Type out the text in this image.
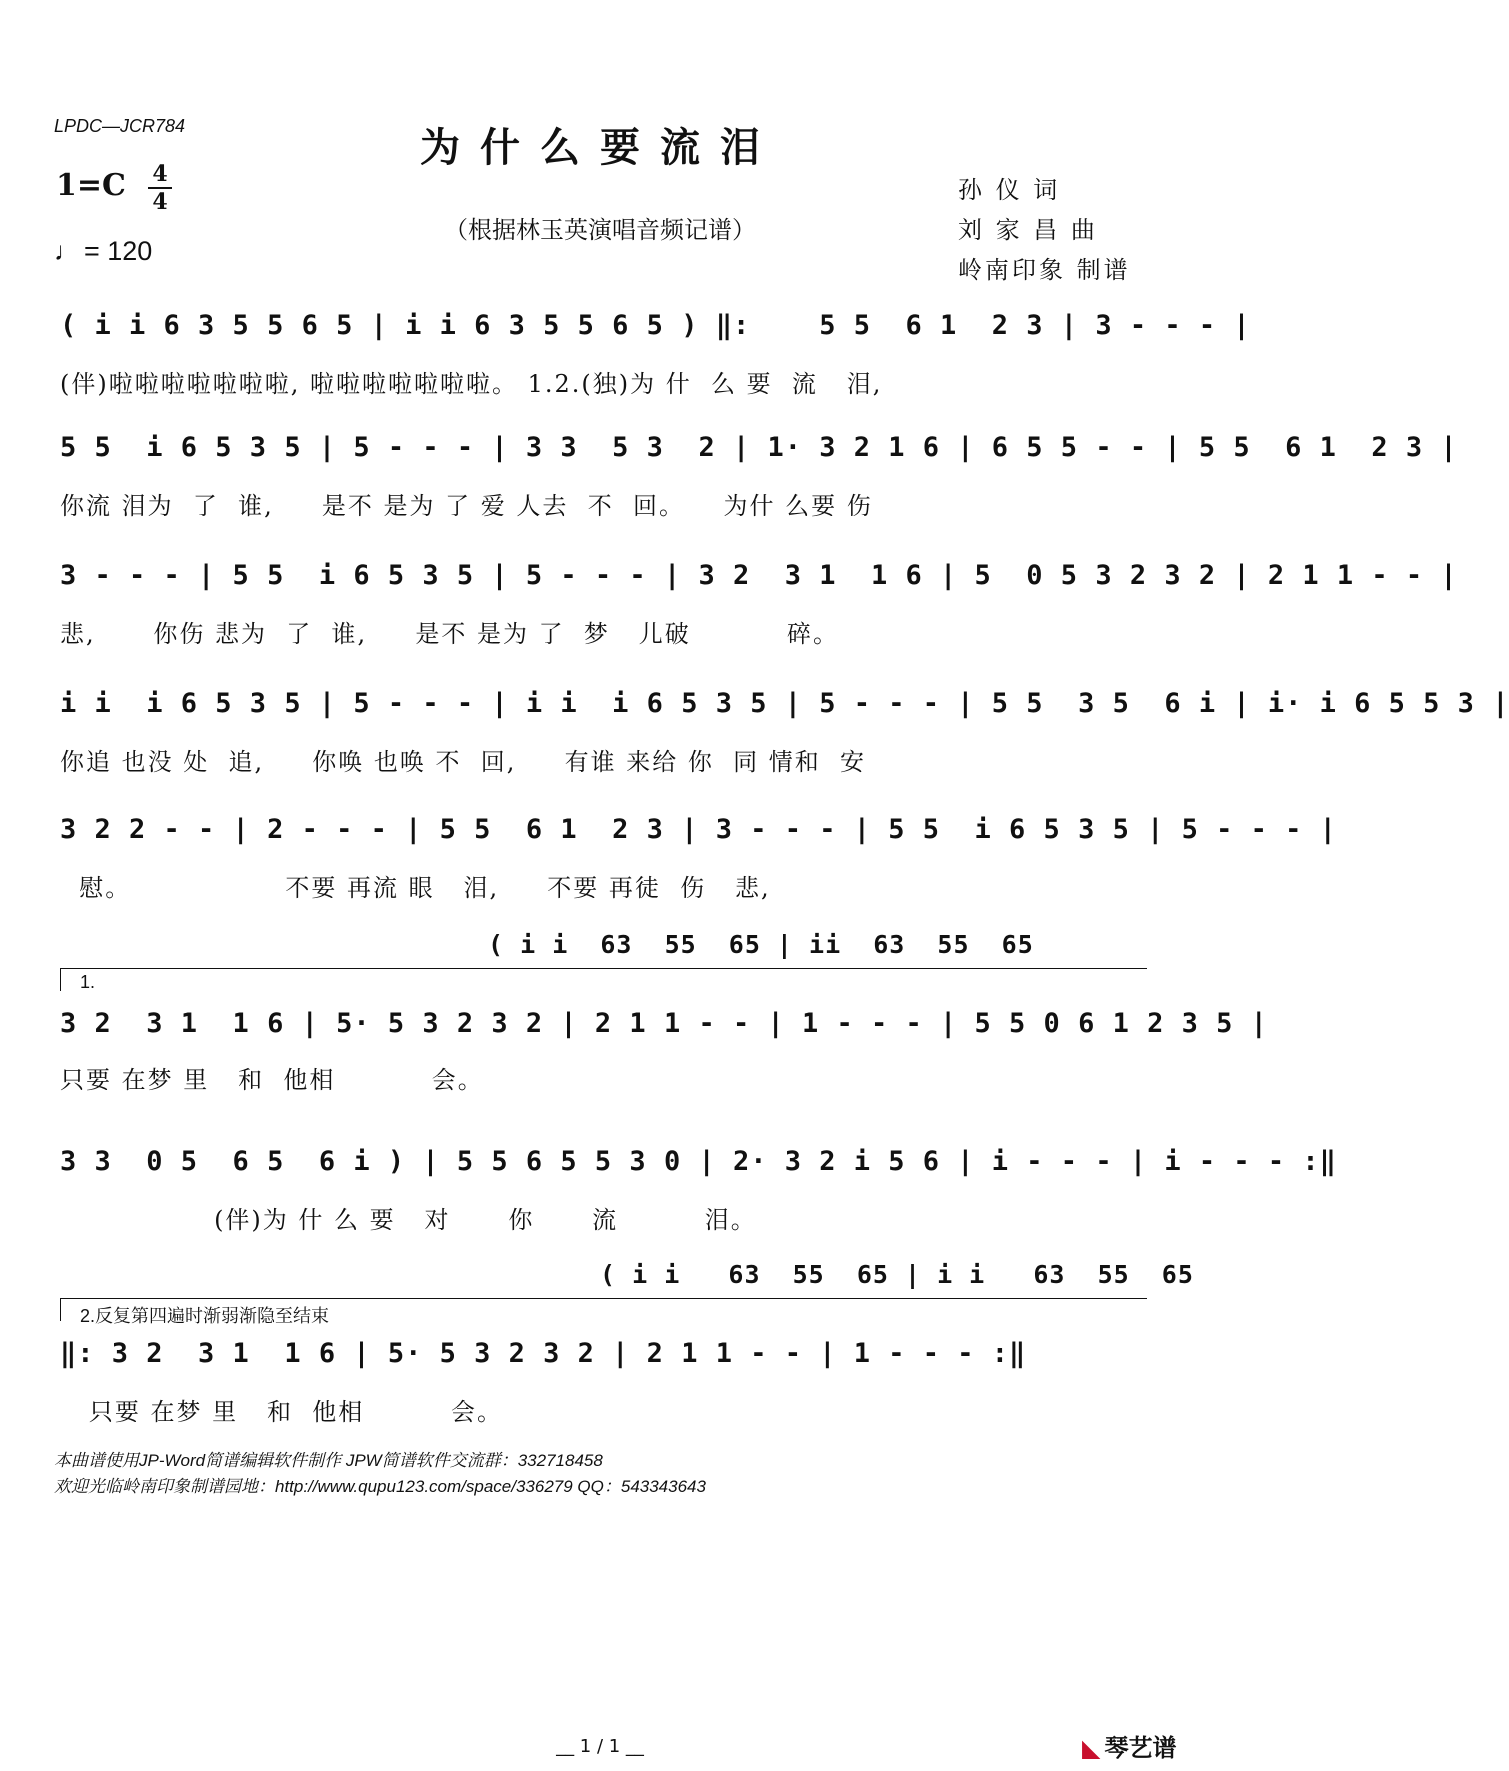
LPDC—JCR784	为什么要流泪
1=C 4
4
♩ = 120
（根据林玉英演唱音频记谱）
孙 仪 词
刘 家 昌 曲
岭南印象 制谱
( i i 6 3 5 5 6 5 | i i 6 3 5 5 6 5 ) ‖:    5 5  6 1  2 3 | 3 - - - |
(伴)啦啦啦啦啦啦啦, 啦啦啦啦啦啦啦。 1.2.(独)为 什  么 要  流   泪,
5 5  i 6 5 3 5 | 5 - - - | 3 3  5 3  2 | 1· 3 2 1 6 | 6 5 5 - - | 5 5  6 1  2 3 |
你流 泪为  了  谁,     是不 是为 了 爱 人去  不  回。    为什 么要 伤
3 - - - | 5 5  i 6 5 3 5 | 5 - - - | 3 2  3 1  1 6 | 5  0 5 3 2 3 2 | 2 1 1 - - |
悲,      你伤 悲为  了  谁,     是不 是为 了  梦   儿破          碎。
i i  i 6 5 3 5 | 5 - - - | i i  i 6 5 3 5 | 5 - - - | 5 5  3 5  6 i | i· i 6 5 5 3 |
你追 也没 处  追,     你唤 也唤 不  回,     有谁 来给 你  同 情和  安
3 2 2 - - | 2 - - - | 5 5  6 1  2 3 | 3 - - - | 5 5  i 6 5 3 5 | 5 - - - |
慰。                不要 再流 眼   泪,     不要 再徒  伤   悲,
( i i  63  55  65 | ii  63  55  65
1.
3 2  3 1  1 6 | 5· 5 3 2 3 2 | 2 1 1 - - | 1 - - - | 5 5 0 6 1 2 3 5 |
只要 在梦 里   和  他相          会。
3 3  0 5  6 5  6 i ) | 5 5 6 5 5 3 0 | 2· 3 2 i 5 6 | i - - - | i - - - :‖
(伴)为 什 么 要   对      你      流         泪。
( i i   63  55  65 | i i   63  55  65
2.反复第四遍时渐弱渐隐至结束
‖: 3 2  3 1  1 6 | 5· 5 3 2 3 2 | 2 1 1 - - | 1 - - - :‖
只要 在梦 里   和  他相         会。
本曲谱使用JP-Word简谱编辑软件制作 JPW简谱软件交流群：332718458
欢迎光临岭南印象制谱园地：http://www.qupu123.com/space/336279 QQ：543343643
__ 1 / 1 __	◣ 琴艺谱
